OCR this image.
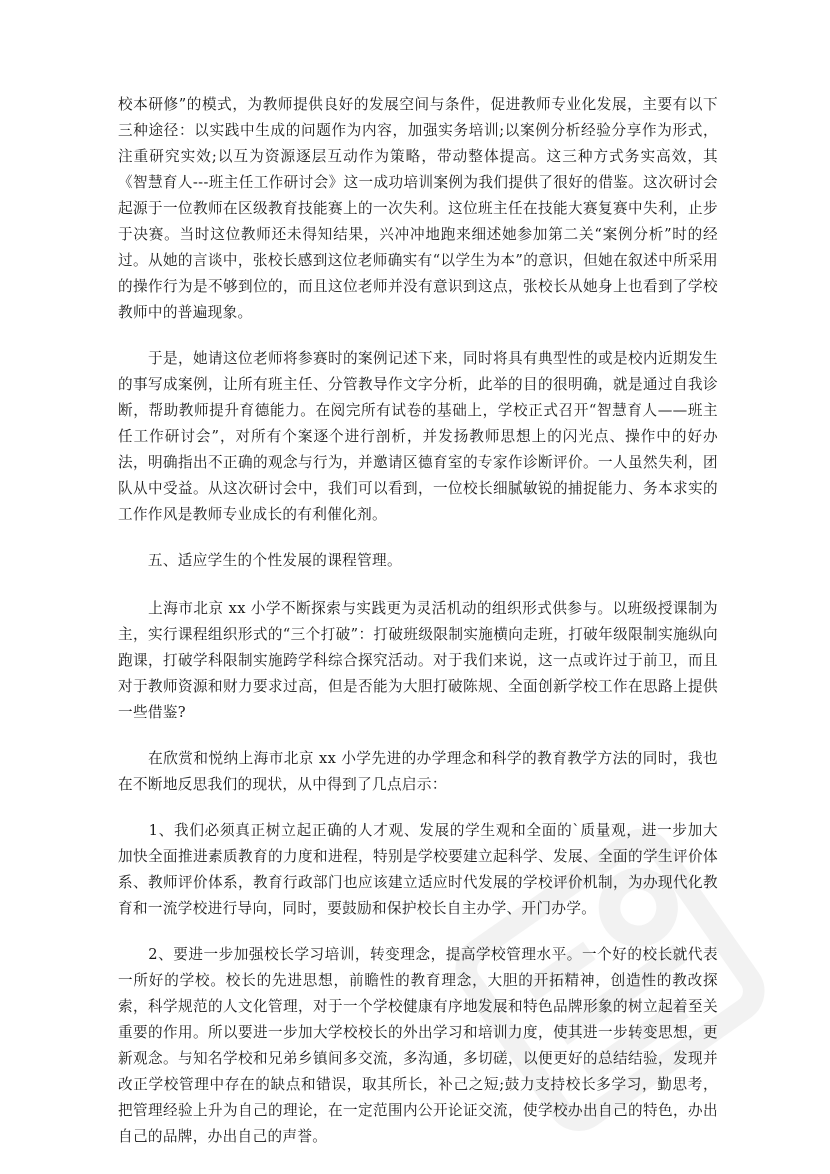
校本研修”的模式，为教师提供良好的发展空间与条件，促进教师专业化发展，主要有以下三种途径：以实践中生成的问题作为内容，加强实务培训;以案例分析经验分享作为形式，注重研究实效;以互为资源逐层互动作为策略，带动整体提高。这三种方式务实高效，其《智慧育人---班主任工作研讨会》这一成功培训案例为我们提供了很好的借鉴。这次研讨会起源于一位教师在区级教育技能赛上的一次失利。这位班主任在技能大赛复赛中失利，止步于决赛。当时这位教师还未得知结果，兴冲冲地跑来细述她参加第二关“案例分析”时的经过。从她的言谈中，张校长感到这位老师确实有“以学生为本”的意识，但她在叙述中所采用的操作行为是不够到位的，而且这位老师并没有意识到这点，张校长从她身上也看到了学校教师中的普遍现象。

　　于是，她请这位老师将参赛时的案例记述下来，同时将具有典型性的或是校内近期发生的事写成案例，让所有班主任、分管教导作文字分析，此举的目的很明确，就是通过自我诊断，帮助教师提升育德能力。在阅完所有试卷的基础上，学校正式召开“智慧育人——班主任工作研讨会”，对所有个案逐个进行剖析，并发扬教师思想上的闪光点、操作中的好办法，明确指出不正确的观念与行为，并邀请区德育室的专家作诊断评价。一人虽然失利，团队从中受益。从这次研讨会中，我们可以看到，一位校长细腻敏锐的捕捉能力、务本求实的工作作风是教师专业成长的有利催化剂。

　　五、适应学生的个性发展的课程管理。

　　上海市北京 xx 小学不断探索与实践更为灵活机动的组织形式供参与。以班级授课制为主，实行课程组织形式的“三个打破”：打破班级限制实施横向走班，打破年级限制实施纵向跑课，打破学科限制实施跨学科综合探究活动。对于我们来说，这一点或许过于前卫，而且对于教师资源和财力要求过高，但是否能为大胆打破陈规、全面创新学校工作在思路上提供一些借鉴?

　　在欣赏和悦纳上海市北京 xx 小学先进的办学理念和科学的教育教学方法的同时，我也在不断地反思我们的现状，从中得到了几点启示：

　　1、我们必须真正树立起正确的人才观、发展的学生观和全面的`质量观，进一步加大加快全面推进素质教育的力度和进程，特别是学校要建立起科学、发展、全面的学生评价体系、教师评价体系，教育行政部门也应该建立适应时代发展的学校评价机制，为办现代化教育和一流学校进行导向，同时，要鼓励和保护校长自主办学、开门办学。

　　2、要进一步加强校长学习培训，转变理念，提高学校管理水平。一个好的校长就代表一所好的学校。校长的先进思想，前瞻性的教育理念，大胆的开拓精神，创造性的教改探索，科学规范的人文化管理，对于一个学校健康有序地发展和特色品牌形象的树立起着至关重要的作用。所以要进一步加大学校校长的外出学习和培训力度，使其进一步转变思想，更新观念。与知名学校和兄弟乡镇间多交流，多沟通，多切磋，以便更好的总结结验，发现并改正学校管理中存在的缺点和错误，取其所长，补己之短;鼓力支持校长多学习，勤思考，把管理经验上升为自己的理论，在一定范围内公开论证交流，使学校办出自己的特色，办出自己的品牌，办出自己的声誉。
